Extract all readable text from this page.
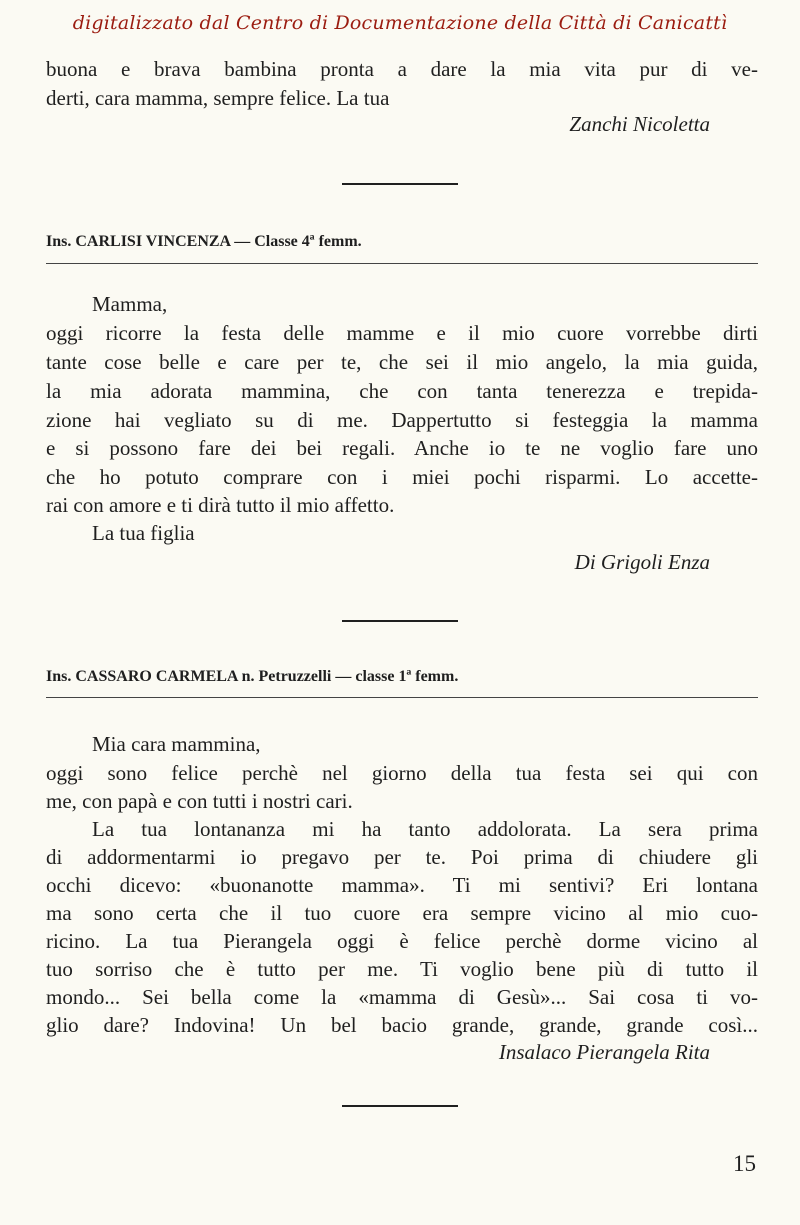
digitalizzato dal Centro di Documentazione della Città di Canicattì
buona e brava bambina pronta a dare la mia vita pur di ve-
derti, cara mamma, sempre felice. La tua
Zanchi Nicoletta
Ins. CARLISI VINCENZA — Classe 4ª femm.
Mamma,
oggi ricorre la festa delle mamme e il mio cuore vorrebbe dirti
tante cose belle e care per te, che sei il mio angelo, la mia guida,
la mia adorata mammina, che con tanta tenerezza e trepida-
zione hai vegliato su di me. Dappertutto si festeggia la mamma
e si possono fare dei bei regali. Anche io te ne voglio fare uno
che ho potuto comprare con i miei pochi risparmi. Lo accette-
rai con amore e ti dirà tutto il mio affetto.
La tua figlia
Di Grigoli Enza
Ins. CASSARO CARMELA n. Petruzzelli — classe 1ª femm.
Mia cara mammina,
oggi sono felice perchè nel giorno della tua festa sei qui con
me, con papà e con tutti i nostri cari.
La tua lontananza mi ha tanto addolorata. La sera prima
di addormentarmi io pregavo per te. Poi prima di chiudere gli
occhi dicevo: «buonanotte mamma». Ti mi sentivi? Eri lontana
ma sono certa che il tuo cuore era sempre vicino al mio cuo-
ricino. La tua Pierangela oggi è felice perchè dorme vicino al
tuo sorriso che è tutto per me. Ti voglio bene più di tutto il
mondo... Sei bella come la «mamma di Gesù»... Sai cosa ti vo-
glio dare? Indovina! Un bel bacio grande, grande, grande così...
Insalaco Pierangela Rita
15
